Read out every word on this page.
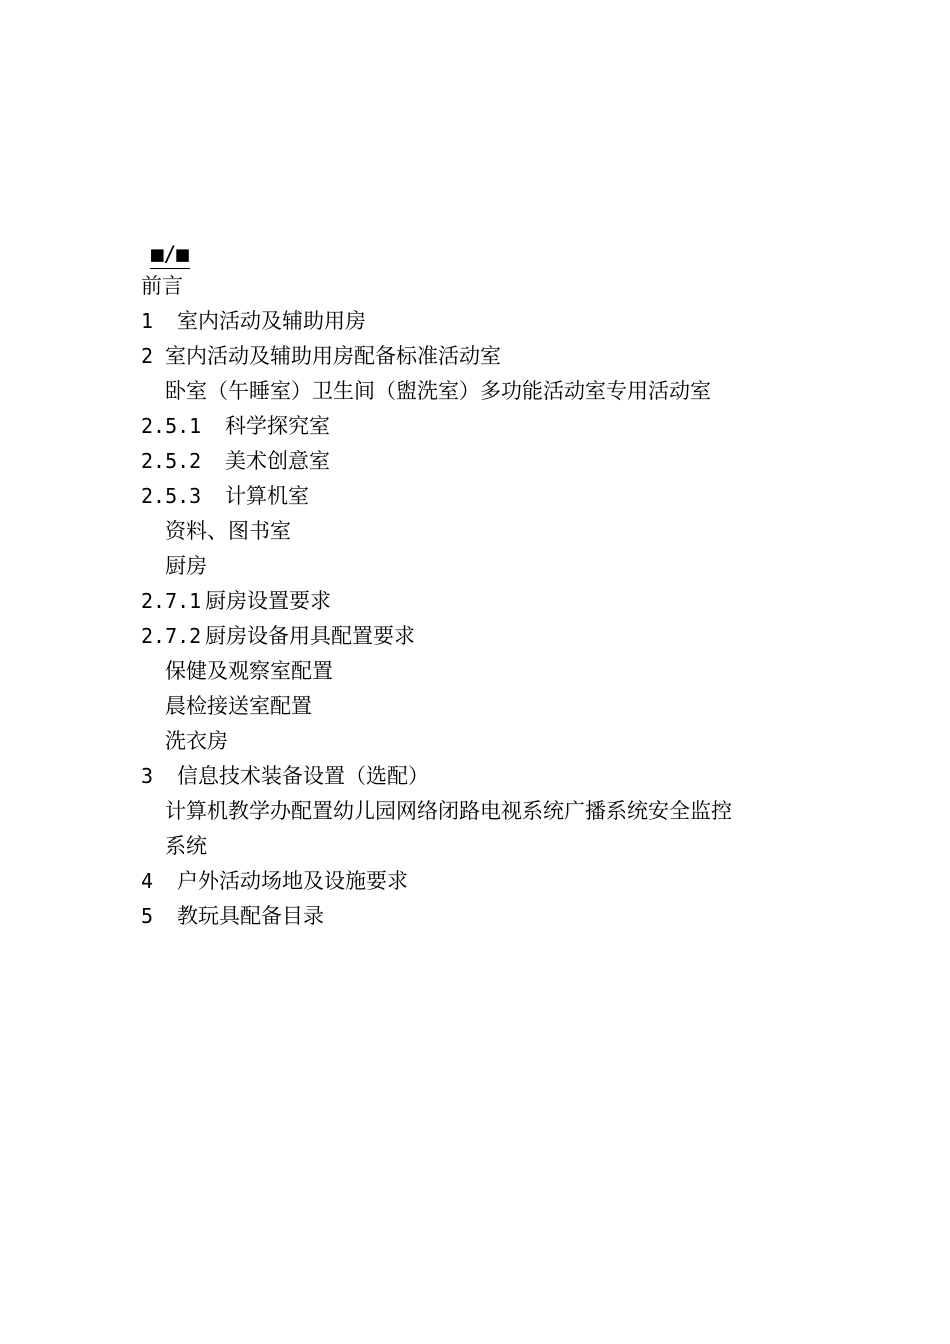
■/■
前言
1	室内活动及辅助用房
2 室内活动及辅助用房配备标准活动室
卧室（午睡室）卫生间（盥洗室）多功能活动室专用活动室
2.5.1	科学探究室
2.5.2	美术创意室
2.5.3	计算机室
资料、图书室
厨房
2.7.1 厨房设置要求
2.7.2 厨房设备用具配置要求
保健及观察室配置
晨检接送室配置
洗衣房
3	信息技术装备设置（选配）
计算机教学办配置幼儿园网络闭路电视系统广播系统安全监控
系统
4	户外活动场地及设施要求
5	教玩具配备目录
